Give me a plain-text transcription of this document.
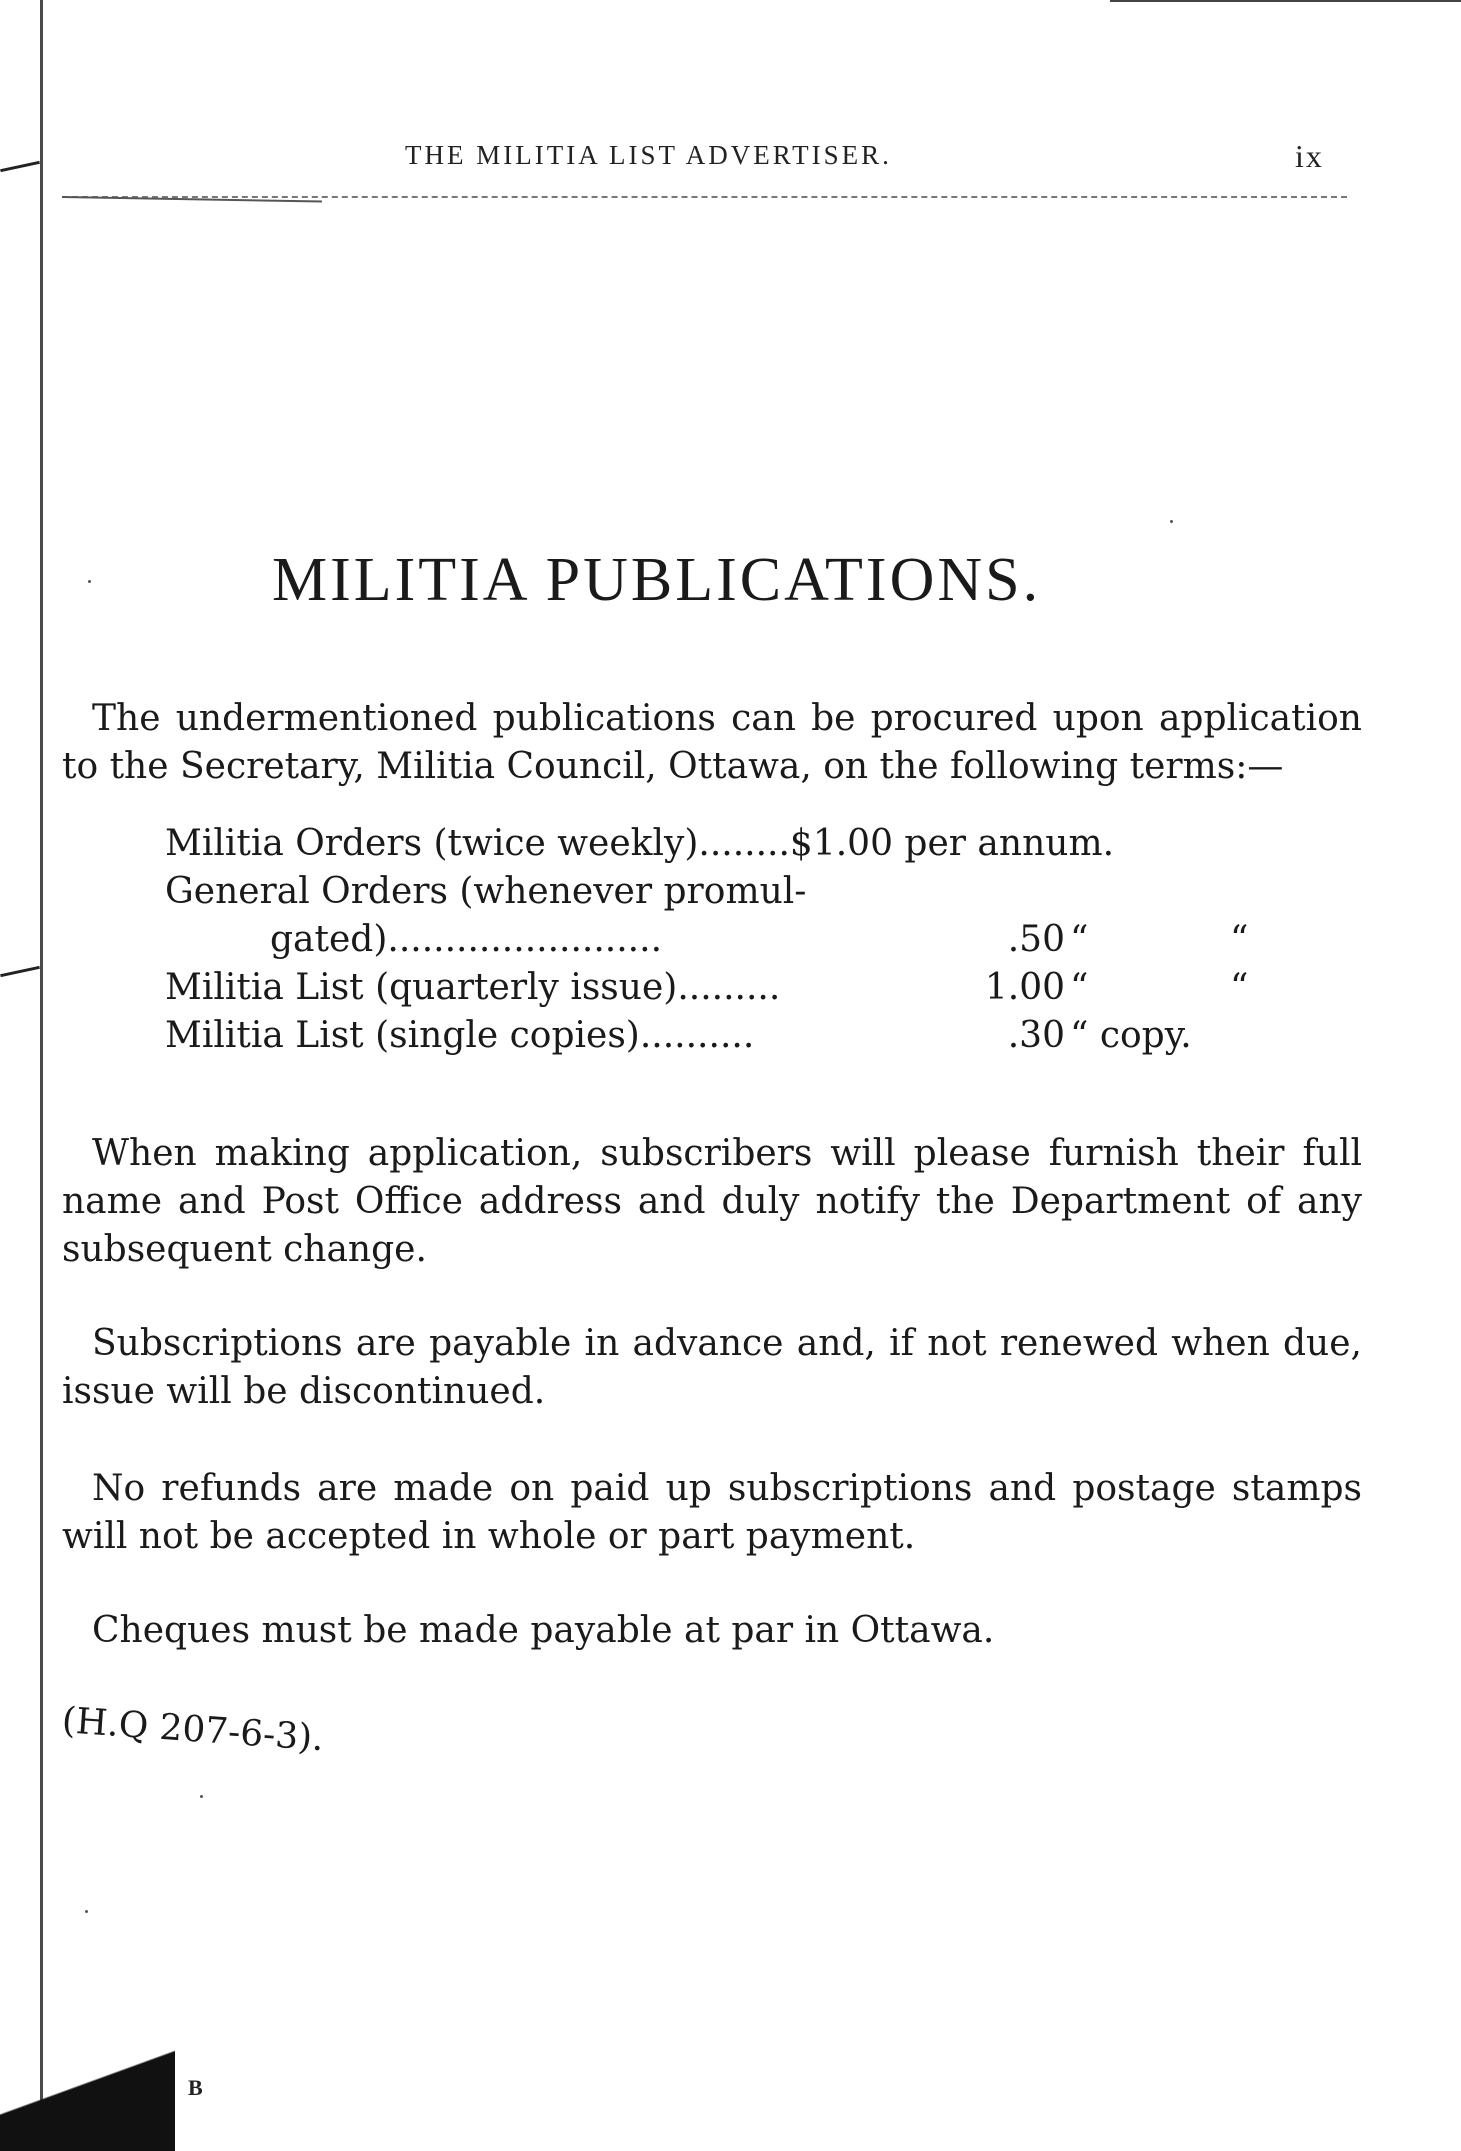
THE MILITIA LIST ADVERTISER.	ix
MILITIA PUBLICATIONS.

The undermentioned publications can be procured upon application to the Secretary, Militia Council, Ottawa, on the following terms:—

Militia Orders (twice weekly)........$1.00 per annum.
General Orders (whenever promul-
gated)........................	.50 “	“
Militia List (quarterly issue).........	1.00 “	“
Militia List (single copies)..........	.30 “ copy.

When making application, subscribers will please furnish their full name and Post Office address and duly notify the Department of any subsequent change.

Subscriptions are payable in advance and, if not renewed when due, issue will be discontinued.

No refunds are made on paid up subscriptions and postage stamps will not be accepted in whole or part payment.

Cheques must be made payable at par in Ottawa.

(H.Q 207-6-3).
B
